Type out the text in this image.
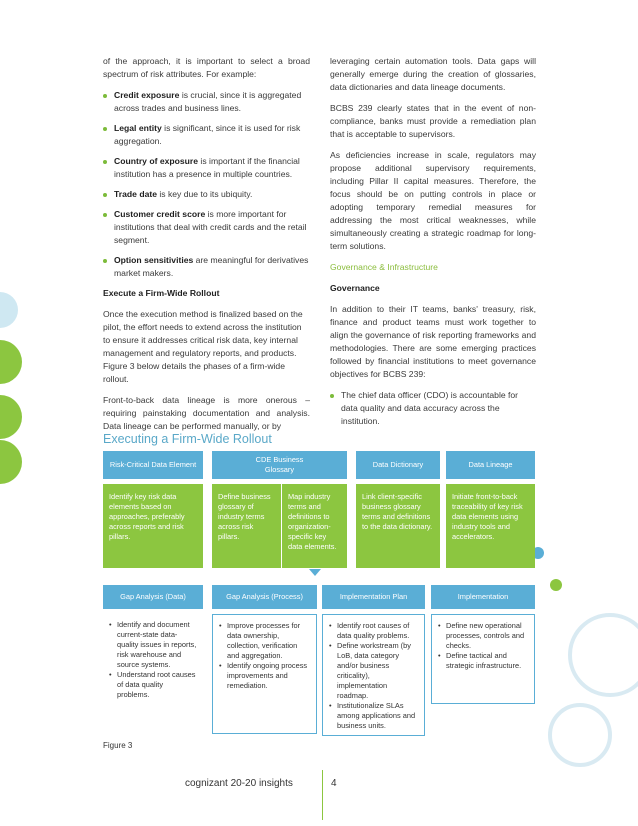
of the approach, it is important to select a broad spectrum of risk attributes. For example:

Credit exposure is crucial, since it is aggregated across trades and business lines.
Legal entity is significant, since it is used for risk aggregation.
Country of exposure is important if the financial institution has a presence in multiple countries.
Trade date is key due to its ubiquity.
Customer credit score is more important for institutions that deal with credit cards and the retail segment.
Option sensitivities are meaningful for derivatives market makers.

Execute a Firm-Wide Rollout

Once the execution method is finalized based on the pilot, the effort needs to extend across the institution to ensure it addresses critical risk data, key internal management and regulatory reports, and products. Figure 3 below details the phases of a firm-wide rollout.

Front-to-back data lineage is more onerous – requiring painstaking documentation and analysis. Data lineage can be performed manually, or by

leveraging certain automation tools. Data gaps will generally emerge during the creation of glossaries, data dictionaries and data lineage documents.

BCBS 239 clearly states that in the event of non-compliance, banks must provide a remediation plan that is acceptable to supervisors.

As deficiencies increase in scale, regulators may propose additional supervisory requirements, including Pillar II capital measures. Therefore, the focus should be on putting controls in place or adopting temporary remedial measures for addressing the most critical weaknesses, while simultaneously creating a strategic roadmap for long-term solutions.

Governance & Infrastructure

Governance

In addition to their IT teams, banks' treasury, risk, finance and product teams must work together to align the governance of risk reporting frameworks and methodologies. There are some emerging practices followed by financial institutions to meet governance objectives for BCBS 239:

The chief data officer (CDO) is accountable for data quality and data accuracy across the institution.
Executing a Firm-Wide Rollout
Risk-Critical Data Element
CDE Business Glossary
Data Dictionary	Data Lineage
Identify key risk data elements based on approaches, preferably across reports and risk pillars.
Define business glossary of industry terms across risk pillars.
Map industry terms and definitions to organization-specific key data elements.
Link client-specific business glossary terms and definitions to the data dictionary.
Initiate front-to-back traceability of key risk data elements using industry tools and accelerators.
Gap Analysis (Data)	Gap Analysis (Process)	Implementation Plan	Implementation
• Identify and document current-state data-quality issues in reports, risk warehouse and source systems.
• Understand root causes of data quality problems.
• Improve processes for data ownership, collection, verification and aggregation.
• Identify ongoing process improvements and remediation.
• Identify root causes of data quality problems.
• Define workstream (by LoB, data category and/or business criticality), implementation roadmap.
• Institutionalize SLAs among applications and business units.
• Define new operational processes, controls and checks.
• Define tactical and strategic infrastructure.
Figure 3
cognizant 20-20 insights	4
